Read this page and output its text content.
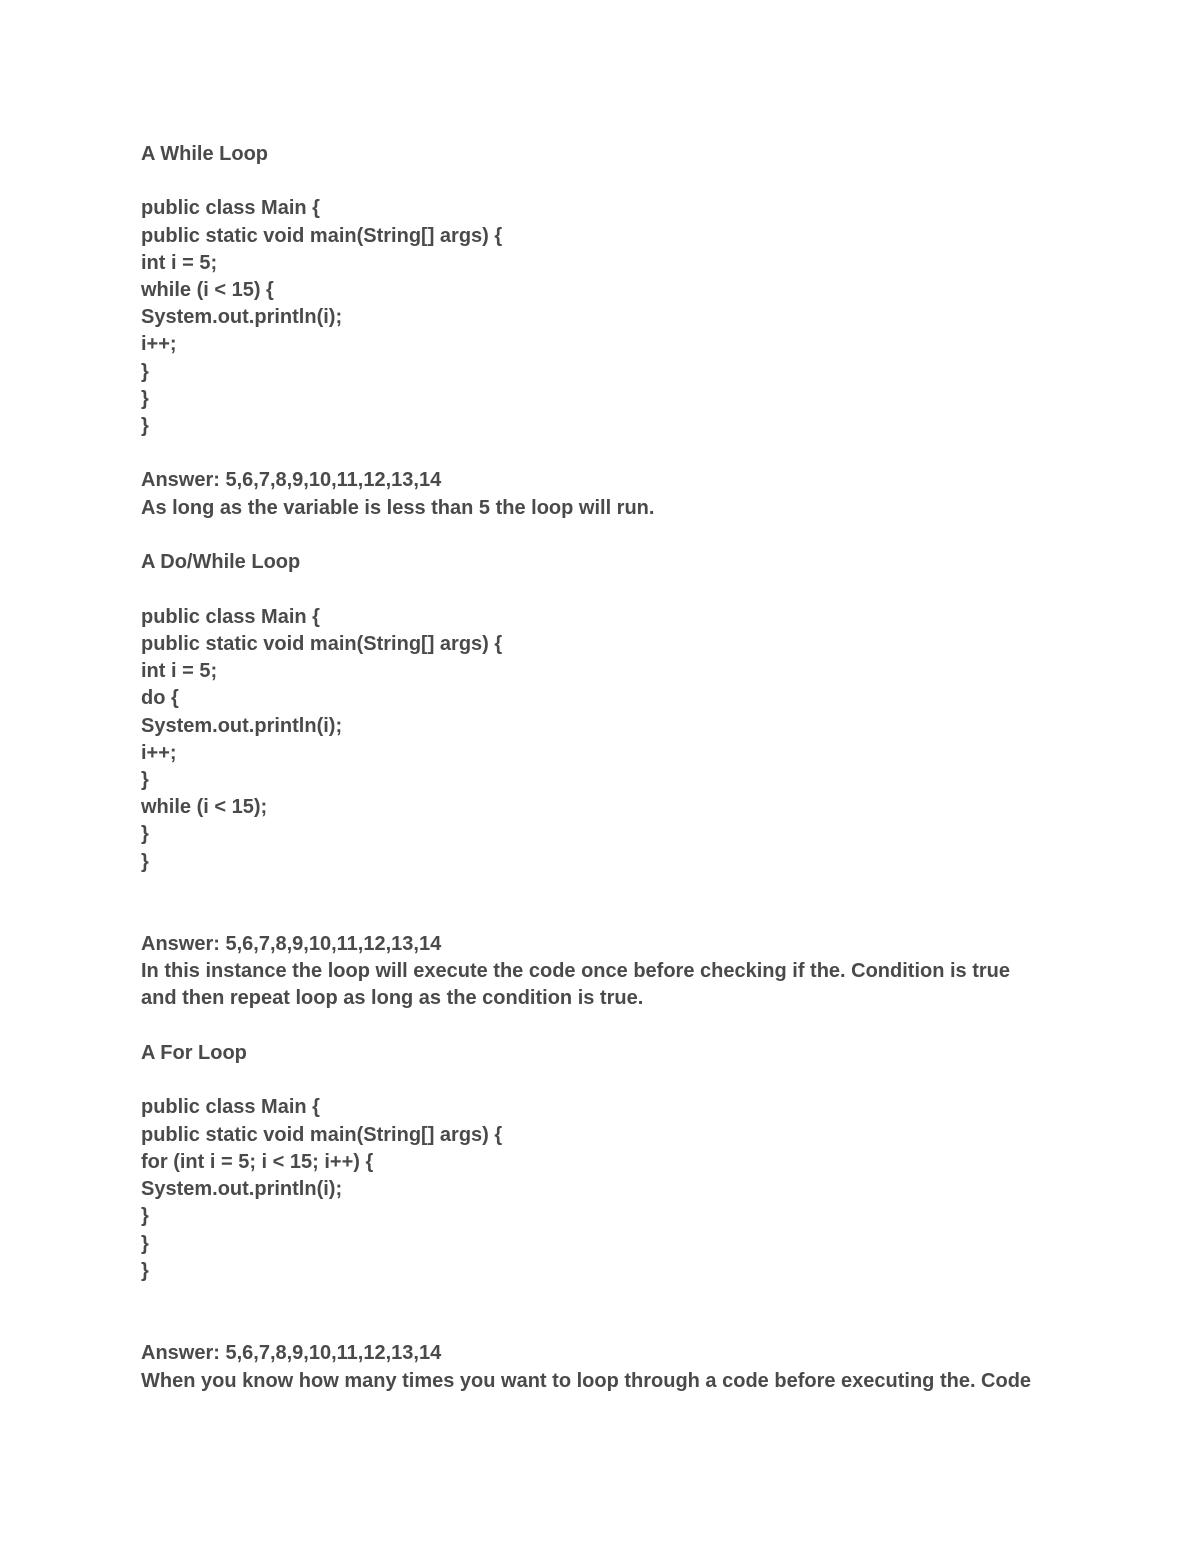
A While Loop

public class Main {

public static void main(String[] args) {

int i = 5;

while (i < 15) {

System.out.println(i);

i++;

}

}

}

Answer: 5,6,7,8,9,10,11,12,13,14

As long as the variable is less than 5 the loop will run.

A Do/While Loop

public class Main {

public static void main(String[] args) {

int i = 5;

do {

System.out.println(i);

i++;

}

while (i < 15);

}

}

Answer: 5,6,7,8,9,10,11,12,13,14

In this instance the loop will execute the code once before checking if the. Condition is true

and then repeat loop as long as the condition is true.

A For Loop

public class Main {

public static void main(String[] args) {

for (int i = 5; i < 15; i++) {

System.out.println(i);

}

}

}

Answer: 5,6,7,8,9,10,11,12,13,14

When you know how many times you want to loop through a code before executing the. Code
